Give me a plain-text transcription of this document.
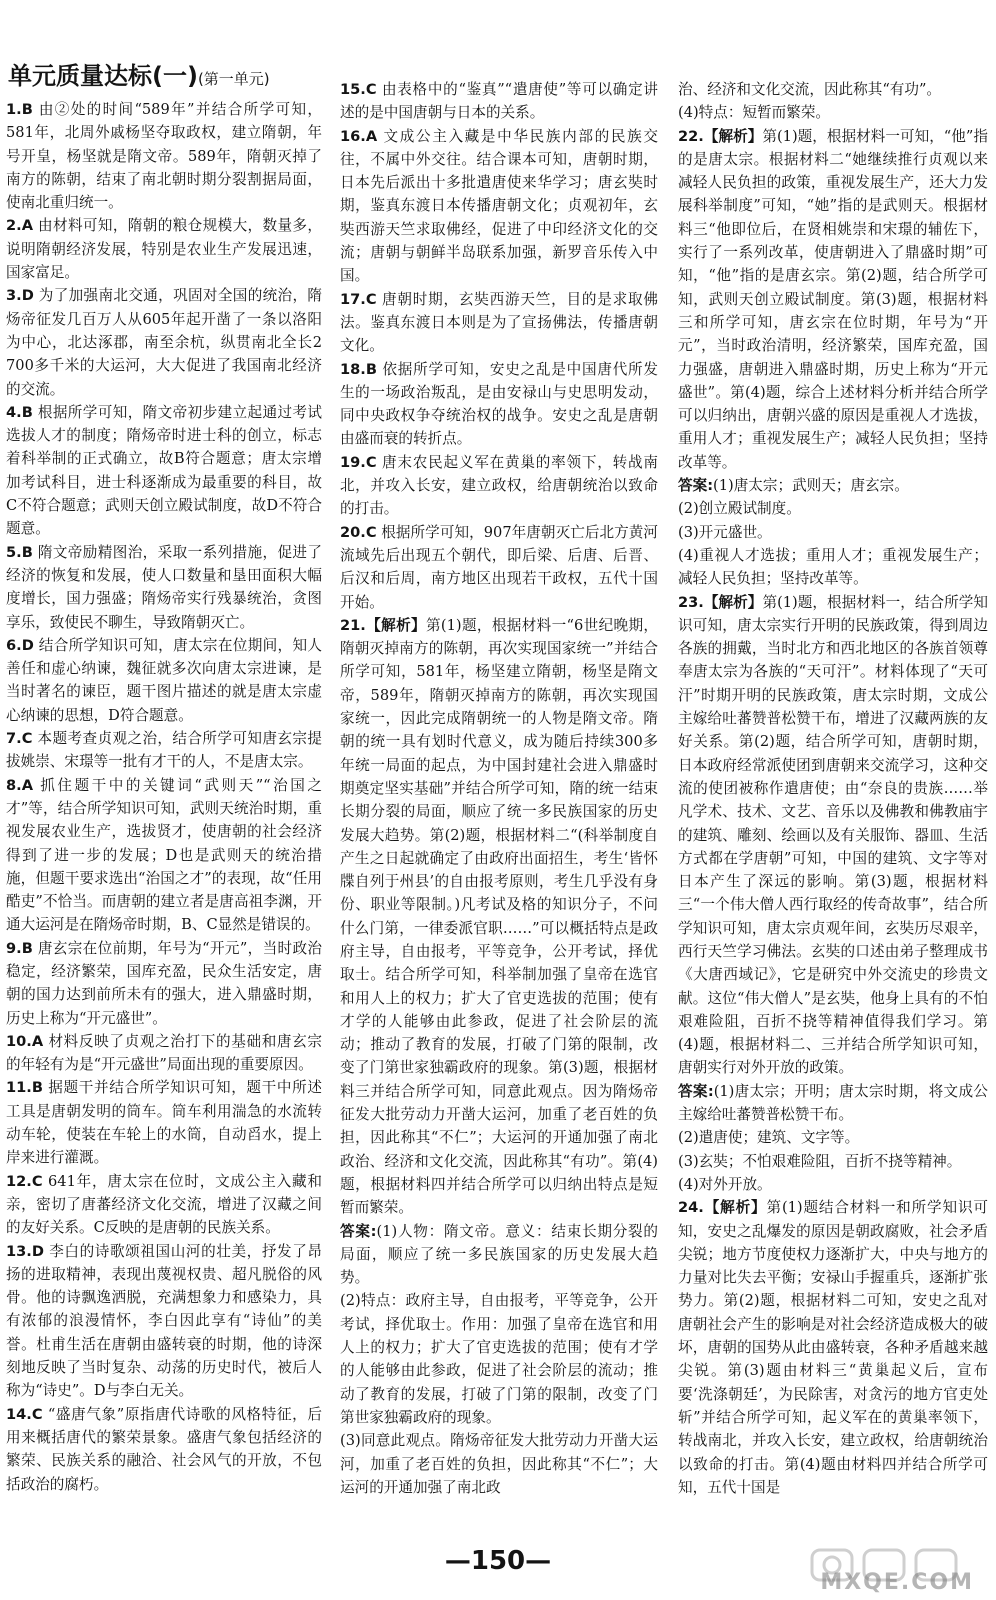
单元质量达标(一)(第一单元)

1.B 由②处的时间“589年”并结合所学可知，581年，北周外戚杨坚夺取政权，建立隋朝，年号开皇，杨坚就是隋文帝。589年，隋朝灭掉了南方的陈朝，结束了南北朝时期分裂割据局面，使南北重归统一。

2.A 由材料可知，隋朝的粮仓规模大，数量多，说明隋朝经济发展，特别是农业生产发展迅速，国家富足。

3.D 为了加强南北交通，巩固对全国的统治，隋炀帝征发几百万人从605年起开凿了一条以洛阳为中心，北达涿郡，南至余杭，纵贯南北全长2 700多千米的大运河，大大促进了我国南北经济的交流。

4.B 根据所学可知，隋文帝初步建立起通过考试选拔人才的制度；隋炀帝时进士科的创立，标志着科举制的正式确立，故B符合题意；唐太宗增加考试科目，进士科逐渐成为最重要的科目，故C不符合题意；武则天创立殿试制度，故D不符合题意。

5.B 隋文帝励精图治，采取一系列措施，促进了经济的恢复和发展，使人口数量和垦田面积大幅度增长，国力强盛；隋炀帝实行残暴统治，贪图享乐，致使民不聊生，导致隋朝灭亡。

6.D 结合所学知识可知，唐太宗在位期间，知人善任和虚心纳谏，魏征就多次向唐太宗进谏，是当时著名的谏臣，题干图片描述的就是唐太宗虚心纳谏的思想，D符合题意。

7.C 本题考查贞观之治，结合所学可知唐玄宗提拔姚崇、宋璟等一批有才干的人，不是唐太宗。

8.A 抓住题干中的关键词“武则天”“治国之才”等，结合所学知识可知，武则天统治时期，重视发展农业生产，选拔贤才，使唐朝的社会经济得到了进一步的发展；D也是武则天的统治措施，但题干要求选出“治国之才”的表现，故“任用酷吏”不恰当。而唐朝的建立者是唐高祖李渊，开通大运河是在隋炀帝时期，B、C显然是错误的。

9.B 唐玄宗在位前期，年号为“开元”，当时政治稳定，经济繁荣，国库充盈，民众生活安定，唐朝的国力达到前所未有的强大，进入鼎盛时期，历史上称为“开元盛世”。

10.A 材料反映了贞观之治打下的基础和唐玄宗的年轻有为是“开元盛世”局面出现的重要原因。

11.B 据题干并结合所学知识可知，题干中所述工具是唐朝发明的筒车。筒车利用湍急的水流转动车轮，使装在车轮上的水筒，自动舀水，提上岸来进行灌溉。

12.C 641年，唐太宗在位时，文成公主入藏和亲，密切了唐蕃经济文化交流，增进了汉藏之间的友好关系。C反映的是唐朝的民族关系。

13.D 李白的诗歌颂祖国山河的壮美，抒发了昂扬的进取精神，表现出蔑视权贵、超凡脱俗的风骨。他的诗飘逸洒脱，充满想象力和感染力，具有浓郁的浪漫情怀，李白因此享有“诗仙”的美誉。杜甫生活在唐朝由盛转衰的时期，他的诗深刻地反映了当时复杂、动荡的历史时代，被后人称为“诗史”。D与李白无关。

14.C “盛唐气象”原指唐代诗歌的风格特征，后用来概括唐代的繁荣景象。盛唐气象包括经济的繁荣、民族关系的融洽、社会风气的开放，不包括政治的腐朽。

15.C 由表格中的“鉴真”“遣唐使”等可以确定讲述的是中国唐朝与日本的关系。

16.A 文成公主入藏是中华民族内部的民族交往，不属中外交往。结合课本可知，唐朝时期，日本先后派出十多批遣唐使来华学习；唐玄奘时期，鉴真东渡日本传播唐朝文化；贞观初年，玄奘西游天竺求取佛经，促进了中印经济文化的交流；唐朝与朝鲜半岛联系加强，新罗音乐传入中国。

17.C 唐朝时期，玄奘西游天竺，目的是求取佛法。鉴真东渡日本则是为了宣扬佛法，传播唐朝文化。

18.B 依据所学可知，安史之乱是中国唐代所发生的一场政治叛乱，是由安禄山与史思明发动，同中央政权争夺统治权的战争。安史之乱是唐朝由盛而衰的转折点。

19.C 唐末农民起义军在黄巢的率领下，转战南北，并攻入长安，建立政权，给唐朝统治以致命的打击。

20.C 根据所学可知，907年唐朝灭亡后北方黄河流域先后出现五个朝代，即后梁、后唐、后晋、后汉和后周，南方地区出现若干政权，五代十国开始。

21.【解析】第(1)题，根据材料一“6世纪晚期，隋朝灭掉南方的陈朝，再次实现国家统一”并结合所学可知，581年，杨坚建立隋朝，杨坚是隋文帝，589年，隋朝灭掉南方的陈朝，再次实现国家统一，因此完成隋朝统一的人物是隋文帝。隋朝的统一具有划时代意义，成为随后持续300多年统一局面的起点，为中国封建社会进入鼎盛时期奠定坚实基础”并结合所学可知，隋的统一结束长期分裂的局面，顺应了统一多民族国家的历史发展大趋势。第(2)题，根据材料二“(科举制度自产生之日起就确定了由政府出面招生，考生‘皆怀牒自列于州县’的自由报考原则，考生几乎没有身份、职业等限制。)凡考试及格的知识分子，不问什么门第，一律委派官职……”可以概括特点是政府主导，自由报考，平等竞争，公开考试，择优取士。结合所学可知，科举制加强了皇帝在选官和用人上的权力；扩大了官吏选拔的范围；使有才学的人能够由此参政，促进了社会阶层的流动；推动了教育的发展，打破了门第的限制，改变了门第世家独霸政府的现象。第(3)题，根据材料三并结合所学可知，同意此观点。因为隋炀帝征发大批劳动力开凿大运河，加重了老百姓的负担，因此称其“不仁”；大运河的开通加强了南北政治、经济和文化交流，因此称其“有功”。第(4)题，根据材料四并结合所学可以归纳出特点是短暂而繁荣。

答案:(1)人物：隋文帝。意义：结束长期分裂的局面，顺应了统一多民族国家的历史发展大趋势。

(2)特点：政府主导，自由报考，平等竞争，公开考试，择优取士。作用：加强了皇帝在选官和用人上的权力；扩大了官吏选拔的范围；使有才学的人能够由此参政，促进了社会阶层的流动；推动了教育的发展，打破了门第的限制，改变了门第世家独霸政府的现象。

(3)同意此观点。隋炀帝征发大批劳动力开凿大运河，加重了老百姓的负担，因此称其“不仁”；大运河的开通加强了南北政

治、经济和文化交流，因此称其“有功”。

(4)特点：短暂而繁荣。

22.【解析】第(1)题，根据材料一可知，“他”指的是唐太宗。根据材料二“她继续推行贞观以来减轻人民负担的政策，重视发展生产，还大力发展科举制度”可知，“她”指的是武则天。根据材料三“他即位后，在贤相姚崇和宋璟的辅佐下，实行了一系列改革，使唐朝进入了鼎盛时期”可知，“他”指的是唐玄宗。第(2)题，结合所学可知，武则天创立殿试制度。第(3)题，根据材料三和所学可知，唐玄宗在位时期，年号为“开元”，当时政治清明，经济繁荣，国库充盈，国力强盛，唐朝进入鼎盛时期，历史上称为“开元盛世”。第(4)题，综合上述材料分析并结合所学可以归纳出，唐朝兴盛的原因是重视人才选拔，重用人才；重视发展生产；减轻人民负担；坚持改革等。

答案:(1)唐太宗；武则天；唐玄宗。

(2)创立殿试制度。

(3)开元盛世。

(4)重视人才选拔；重用人才；重视发展生产；减轻人民负担；坚持改革等。

23.【解析】第(1)题，根据材料一，结合所学知识可知，唐太宗实行开明的民族政策，得到周边各族的拥戴，当时北方和西北地区的各族首领尊奉唐太宗为各族的“天可汗”。材料体现了“天可汗”时期开明的民族政策，唐太宗时期，文成公主嫁给吐蕃赞普松赞干布，增进了汉藏两族的友好关系。第(2)题，结合所学可知，唐朝时期，日本政府经常派使团到唐朝来交流学习，这种交流的使团被称作遣唐使；由“奈良的贵族……举凡学术、技术、文艺、音乐以及佛教和佛教庙宇的建筑、雕刻、绘画以及有关服饰、器皿、生活方式都在学唐朝”可知，中国的建筑、文字等对日本产生了深远的影响。第(3)题，根据材料三“一个伟大僧人西行取经的传奇故事”，结合所学知识可知，唐太宗贞观年间，玄奘历尽艰辛，西行天竺学习佛法。玄奘的口述由弟子整理成书《大唐西域记》，它是研究中外交流史的珍贵文献。这位“伟大僧人”是玄奘，他身上具有的不怕艰难险阻，百折不挠等精神值得我们学习。第(4)题，根据材料二、三并结合所学知识可知，唐朝实行对外开放的政策。

答案:(1)唐太宗；开明；唐太宗时期，将文成公主嫁给吐蕃赞普松赞干布。

(2)遣唐使；建筑、文字等。

(3)玄奘；不怕艰难险阻，百折不挠等精神。

(4)对外开放。

24.【解析】第(1)题结合材料一和所学知识可知，安史之乱爆发的原因是朝政腐败，社会矛盾尖锐；地方节度使权力逐渐扩大，中央与地方的力量对比失去平衡；安禄山手握重兵，逐渐扩张势力。第(2)题，根据材料二可知，安史之乱对唐朝社会产生的影响是对社会经济造成极大的破坏，唐朝的国势从此由盛转衰，各种矛盾越来越尖锐。第(3)题由材料三“黄巢起义后，宣布要‘洗涤朝廷’，为民除害，对贪污的地方官吏处斩”并结合所学可知，起义军在的黄巢率领下，转战南北，并攻入长安，建立政权，给唐朝统治以致命的打击。第(4)题由材料四并结合所学可知，五代十国是

—150—
MXQE.COM
